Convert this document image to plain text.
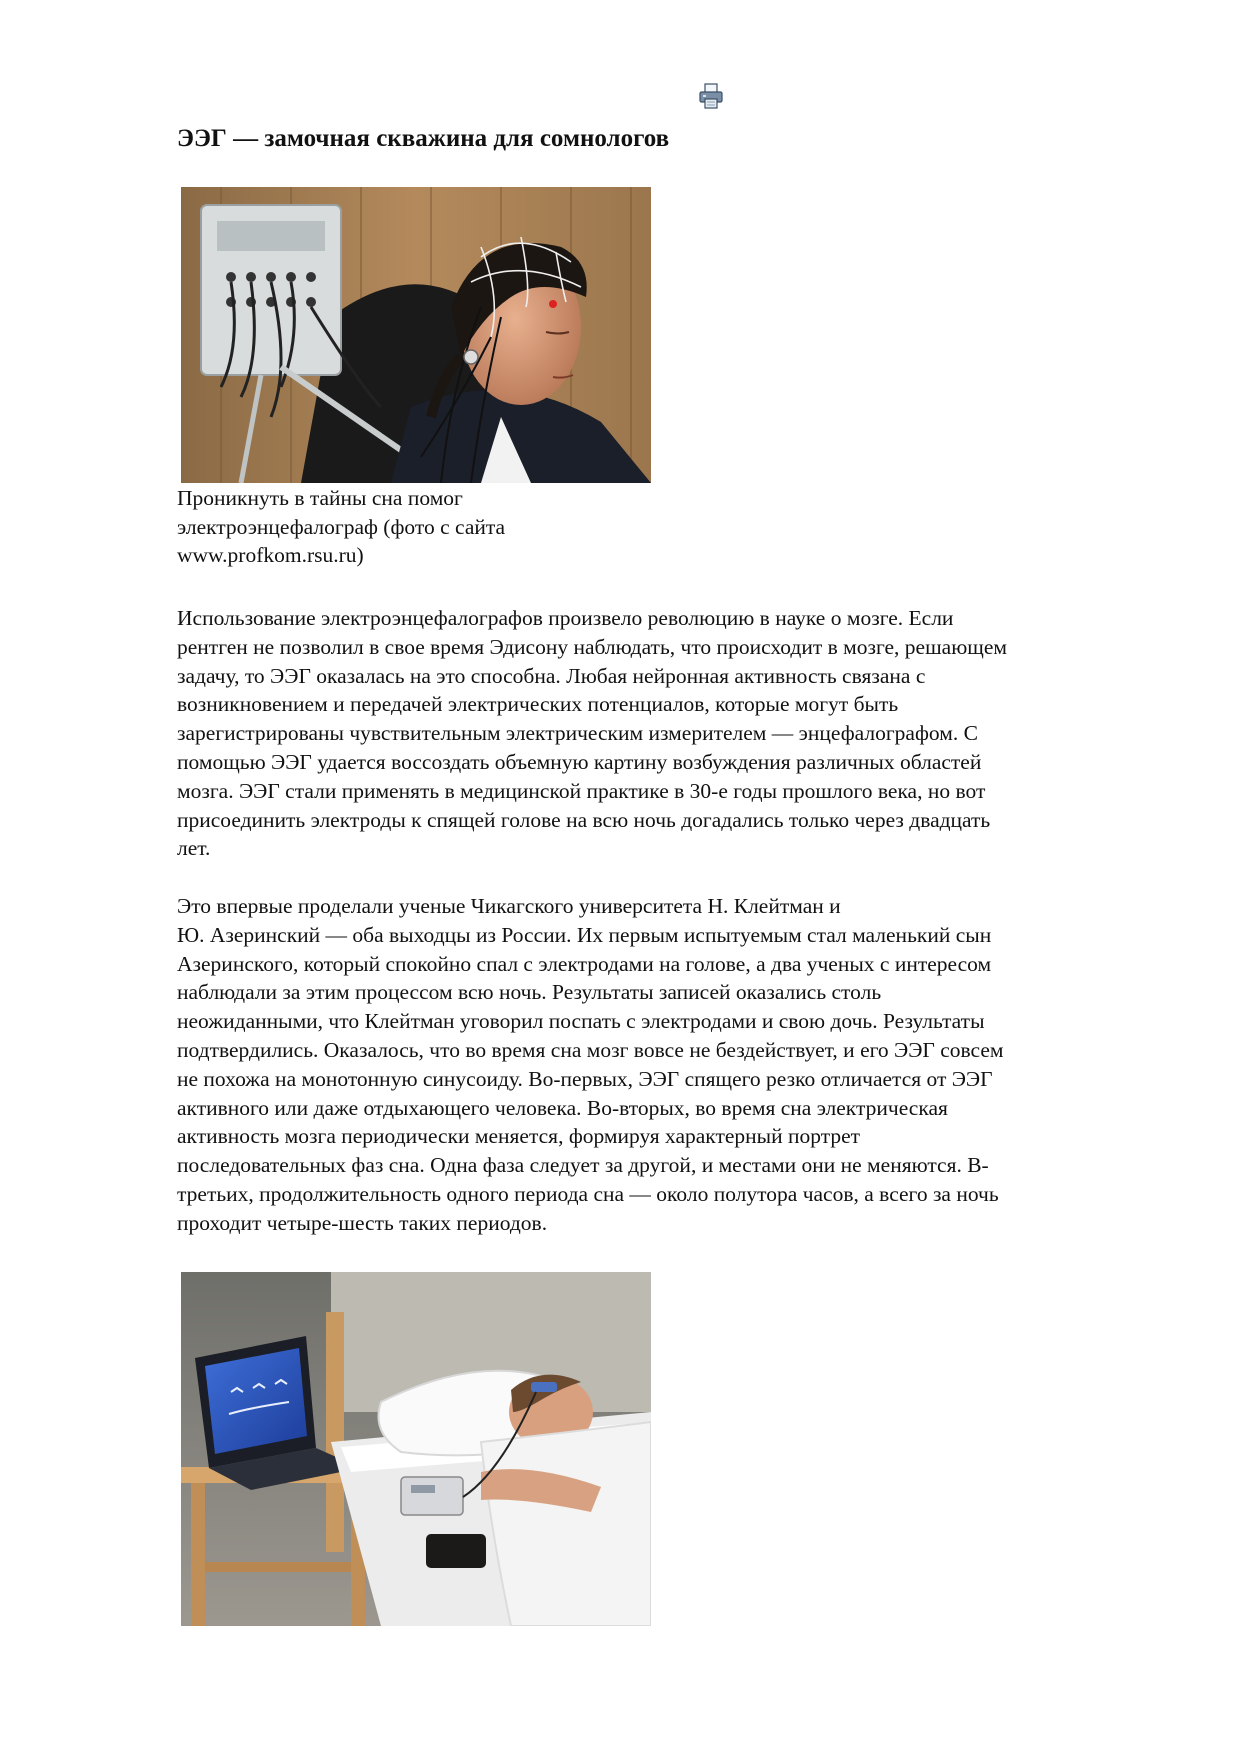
ЭЭГ — замочная скважина для сомнологов

Проникнуть в тайны сна помог
электроэнцефалограф (фото с сайта
www.profkom.rsu.ru)

Использование электроэнцефалографов произвело революцию в науке о мозге. Если
рентген не позволил в свое время Эдисону наблюдать, что происходит в мозге, решающем
задачу, то ЭЭГ оказалась на это способна. Любая нейронная активность связана с
возникновением и передачей электрических потенциалов, которые могут быть
зарегистрированы чувствительным электрическим измерителем — энцефалографом. С
помощью ЭЭГ удается воссоздать объемную картину возбуждения различных областей
мозга. ЭЭГ стали применять в медицинской практике в 30-е годы прошлого века, но вот
присоединить электроды к спящей голове на всю ночь догадались только через двадцать
лет.

Это впервые проделали ученые Чикагского университета Н. Клейтман и
Ю. Азеринский — оба выходцы из России. Их первым испытуемым стал маленький сын
Азеринского, который спокойно спал с электродами на голове, а два ученых с интересом
наблюдали за этим процессом всю ночь. Результаты записей оказались столь
неожиданными, что Клейтман уговорил поспать с электродами и свою дочь. Результаты
подтвердились. Оказалось, что во время сна мозг вовсе не бездействует, и его ЭЭГ совсем
не похожа на монотонную синусоиду. Во-первых, ЭЭГ спящего резко отличается от ЭЭГ
активного или даже отдыхающего человека. Во-вторых, во время сна электрическая
активность мозга периодически меняется, формируя характерный портрет
последовательных фаз сна. Одна фаза следует за другой, и местами они не меняются. В-
третьих, продолжительность одного периода сна — около полутора часов, а всего за ночь
проходит четыре-шесть таких периодов.
